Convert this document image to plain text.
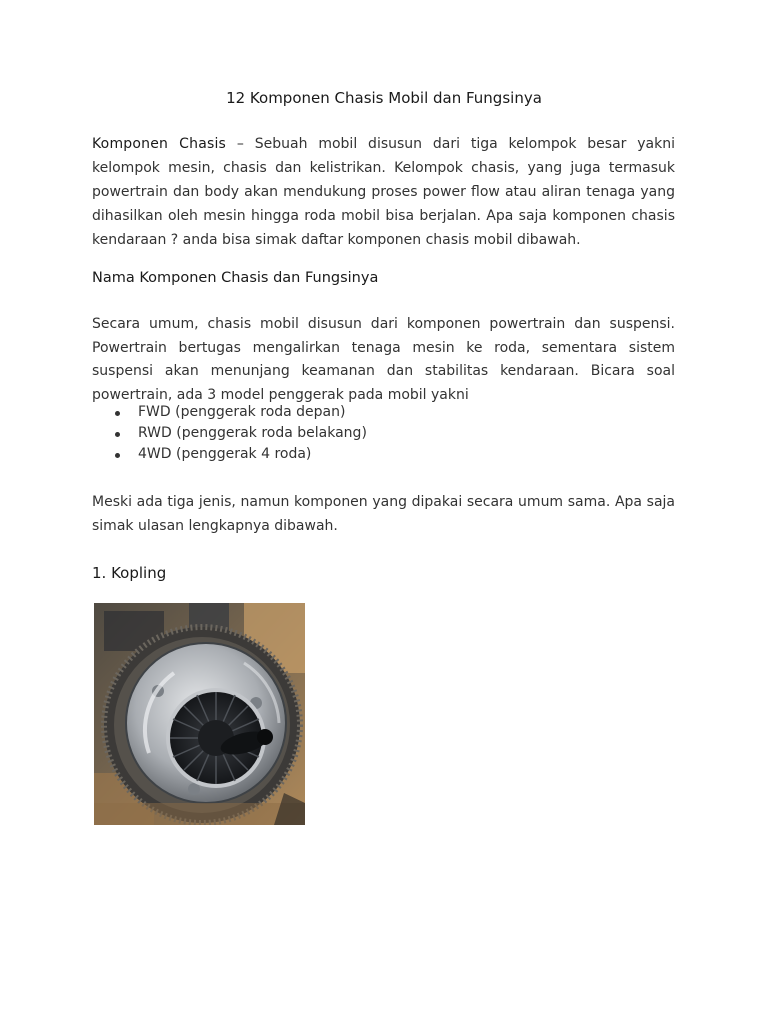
12 Komponen Chasis Mobil dan Fungsinya
Komponen Chasis – Sebuah mobil disusun dari tiga kelompok besar yakni kelompok mesin, chasis dan kelistrikan. Kelompok chasis, yang juga termasuk powertrain dan body akan mendukung proses power flow atau aliran tenaga yang dihasilkan oleh mesin hingga roda mobil bisa berjalan. Apa saja komponen chasis kendaraan ? anda bisa simak daftar komponen chasis mobil dibawah.
Nama Komponen Chasis dan Fungsinya
Secara umum, chasis mobil disusun dari komponen powertrain dan suspensi. Powertrain bertugas mengalirkan tenaga mesin ke roda, sementara sistem suspensi akan menunjang keamanan dan stabilitas kendaraan. Bicara soal powertrain, ada 3 model penggerak pada mobil yakni
FWD (penggerak roda depan)
RWD (penggerak roda belakang)
4WD (penggerak 4 roda)
Meski ada tiga jenis, namun komponen yang dipakai secara umum sama. Apa saja simak ulasan lengkapnya dibawah.
1. Kopling
